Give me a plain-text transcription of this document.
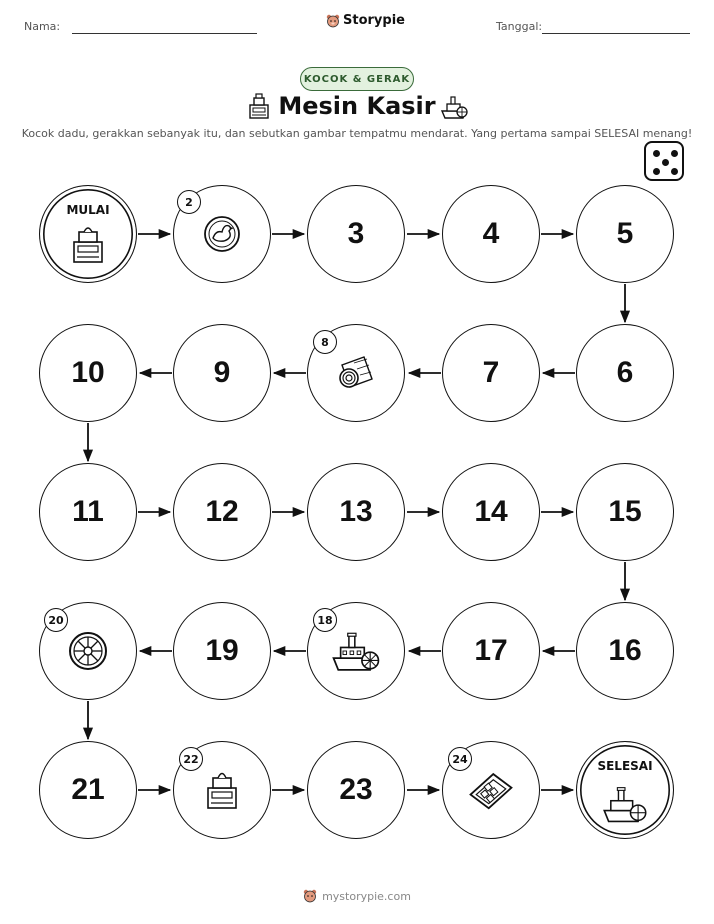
Nama:	Storypie	Tanggal:
KOCOK & GERAK
Mesin Kasir
Kocok dadu, gerakkan sebanyak itu, dan sebutkan gambar tempatmu mendarat. Yang pertama sampai SELESAI menang!
MULAI
2
3	4	5
10	9
8
7	6
11	12	13	14	15
20
19
18
17	16
21
22
23
24	SELESAI
mystorypie.com
